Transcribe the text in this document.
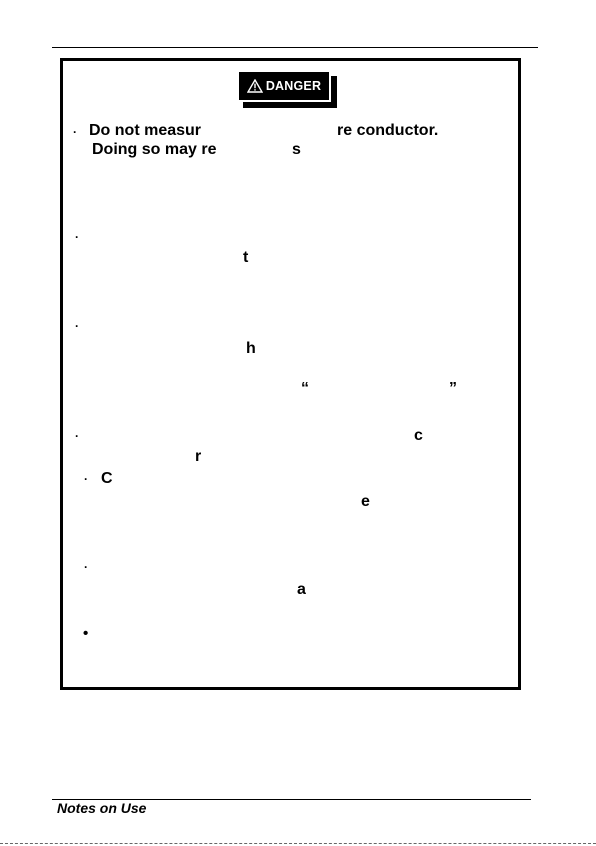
DANGER
· Do not measur	re conductor.
Doing so may re	s
·
t
·
h
“	”
·	c
r
· C
e
·
a
•
Notes on Use
